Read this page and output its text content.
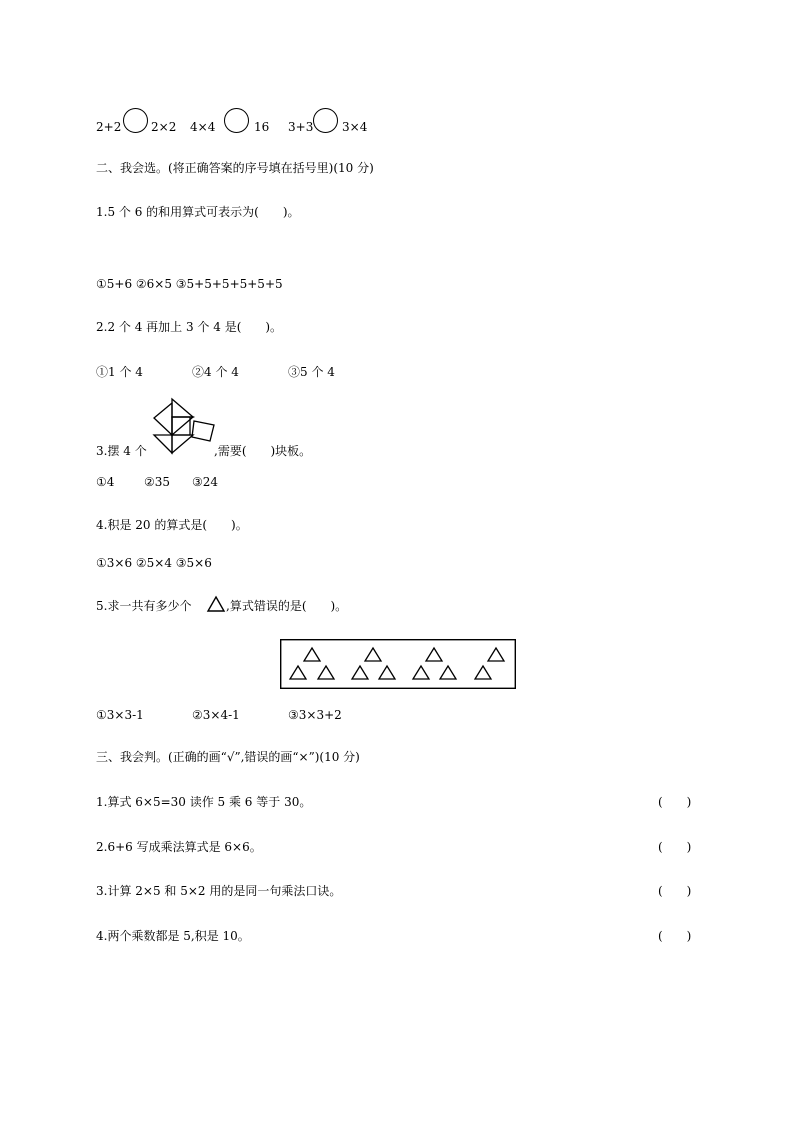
2+2 2×2 4×4	16 3+3 3×4
二、我会选。(将正确答案的序号填在括号里)(10 分)
1.5 个 6 的和用算式可表示为(　　)。
①5+6 ②6×5 ③5+5+5+5+5+5
2.2 个 4 再加上 3 个 4 是(　　)。
①1 个 4	②4 个 4	③5 个 4
3.摆 4 个	,需要(　　)块板。
①4 ②35 ③24
4.积是 20 的算式是(　　)。
①3×6 ②5×4 ③5×6
5.求一共有多少个	,算式错误的是(　　)。
①3×3-1	②3×4-1	③3×3+2
三、我会判。(正确的画“√”,错误的画“×”)(10 分)
1.算式 6×5=30 读作 5 乘 6 等于 30。	(　　)
2.6+6 写成乘法算式是 6×6。	(　　)
3.计算 2×5 和 5×2 用的是同一句乘法口诀。	(　　)
4.两个乘数都是 5,积是 10。	(　　)
